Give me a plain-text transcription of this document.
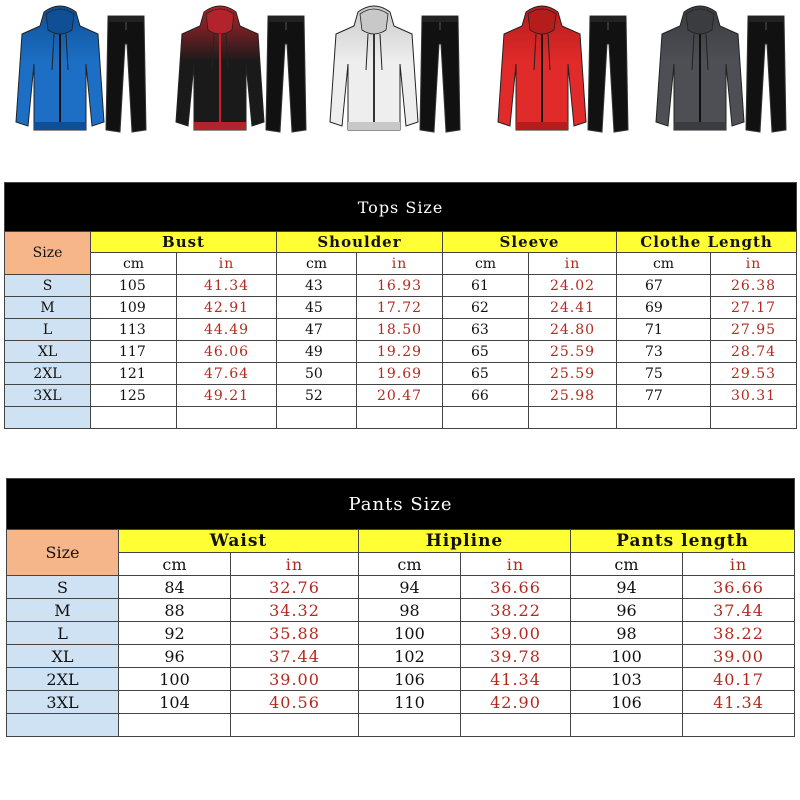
Tops Size								
Size	Bust		Shoulder		Sleeve		Clothe Length	
	cm	in	cm	in	cm	in	cm	in
S	105	41.34	43	16.93	61	24.02	67	26.38
M	109	42.91	45	17.72	62	24.41	69	27.17
L	113	44.49	47	18.50	63	24.80	71	27.95
XL	117	46.06	49	19.29	65	25.59	73	28.74
2XL	121	47.64	50	19.69	65	25.59	75	29.53
3XL	125	49.21	52	20.47	66	25.98	77	30.31

Pants Size						
Size	Waist		Hipline		Pants length	
	cm	in	cm	in	cm	in
S	84	32.76	94	36.66	94	36.66
M	88	34.32	98	38.22	96	37.44
L	92	35.88	100	39.00	98	38.22
XL	96	37.44	102	39.78	100	39.00
2XL	100	39.00	106	41.34	103	40.17
3XL	104	40.56	110	42.90	106	41.34
